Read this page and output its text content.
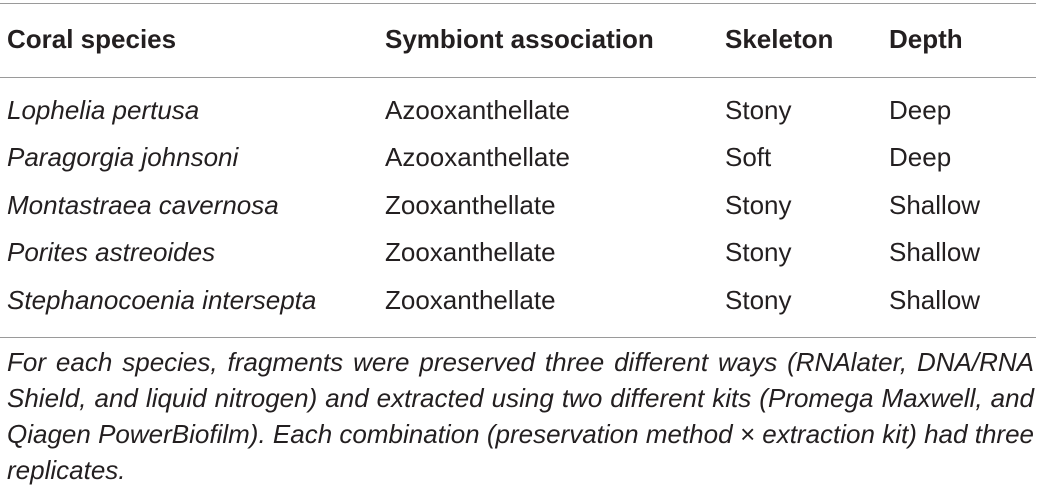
Coral species	Symbiont association	Skeleton	Depth
Lophelia pertusa	Azooxanthellate	Stony	Deep
Paragorgia johnsoni	Azooxanthellate	Soft	Deep
Montastraea cavernosa	Zooxanthellate	Stony	Shallow
Porites astreoides	Zooxanthellate	Stony	Shallow
Stephanocoenia intersepta	Zooxanthellate	Stony	Shallow
For each species, fragments were preserved three different ways (RNAlater, DNA/RNA Shield, and liquid nitrogen) and extracted using two different kits (Promega Maxwell, and Qiagen PowerBiofilm). Each combination (preservation method × extraction kit) had three replicates.
